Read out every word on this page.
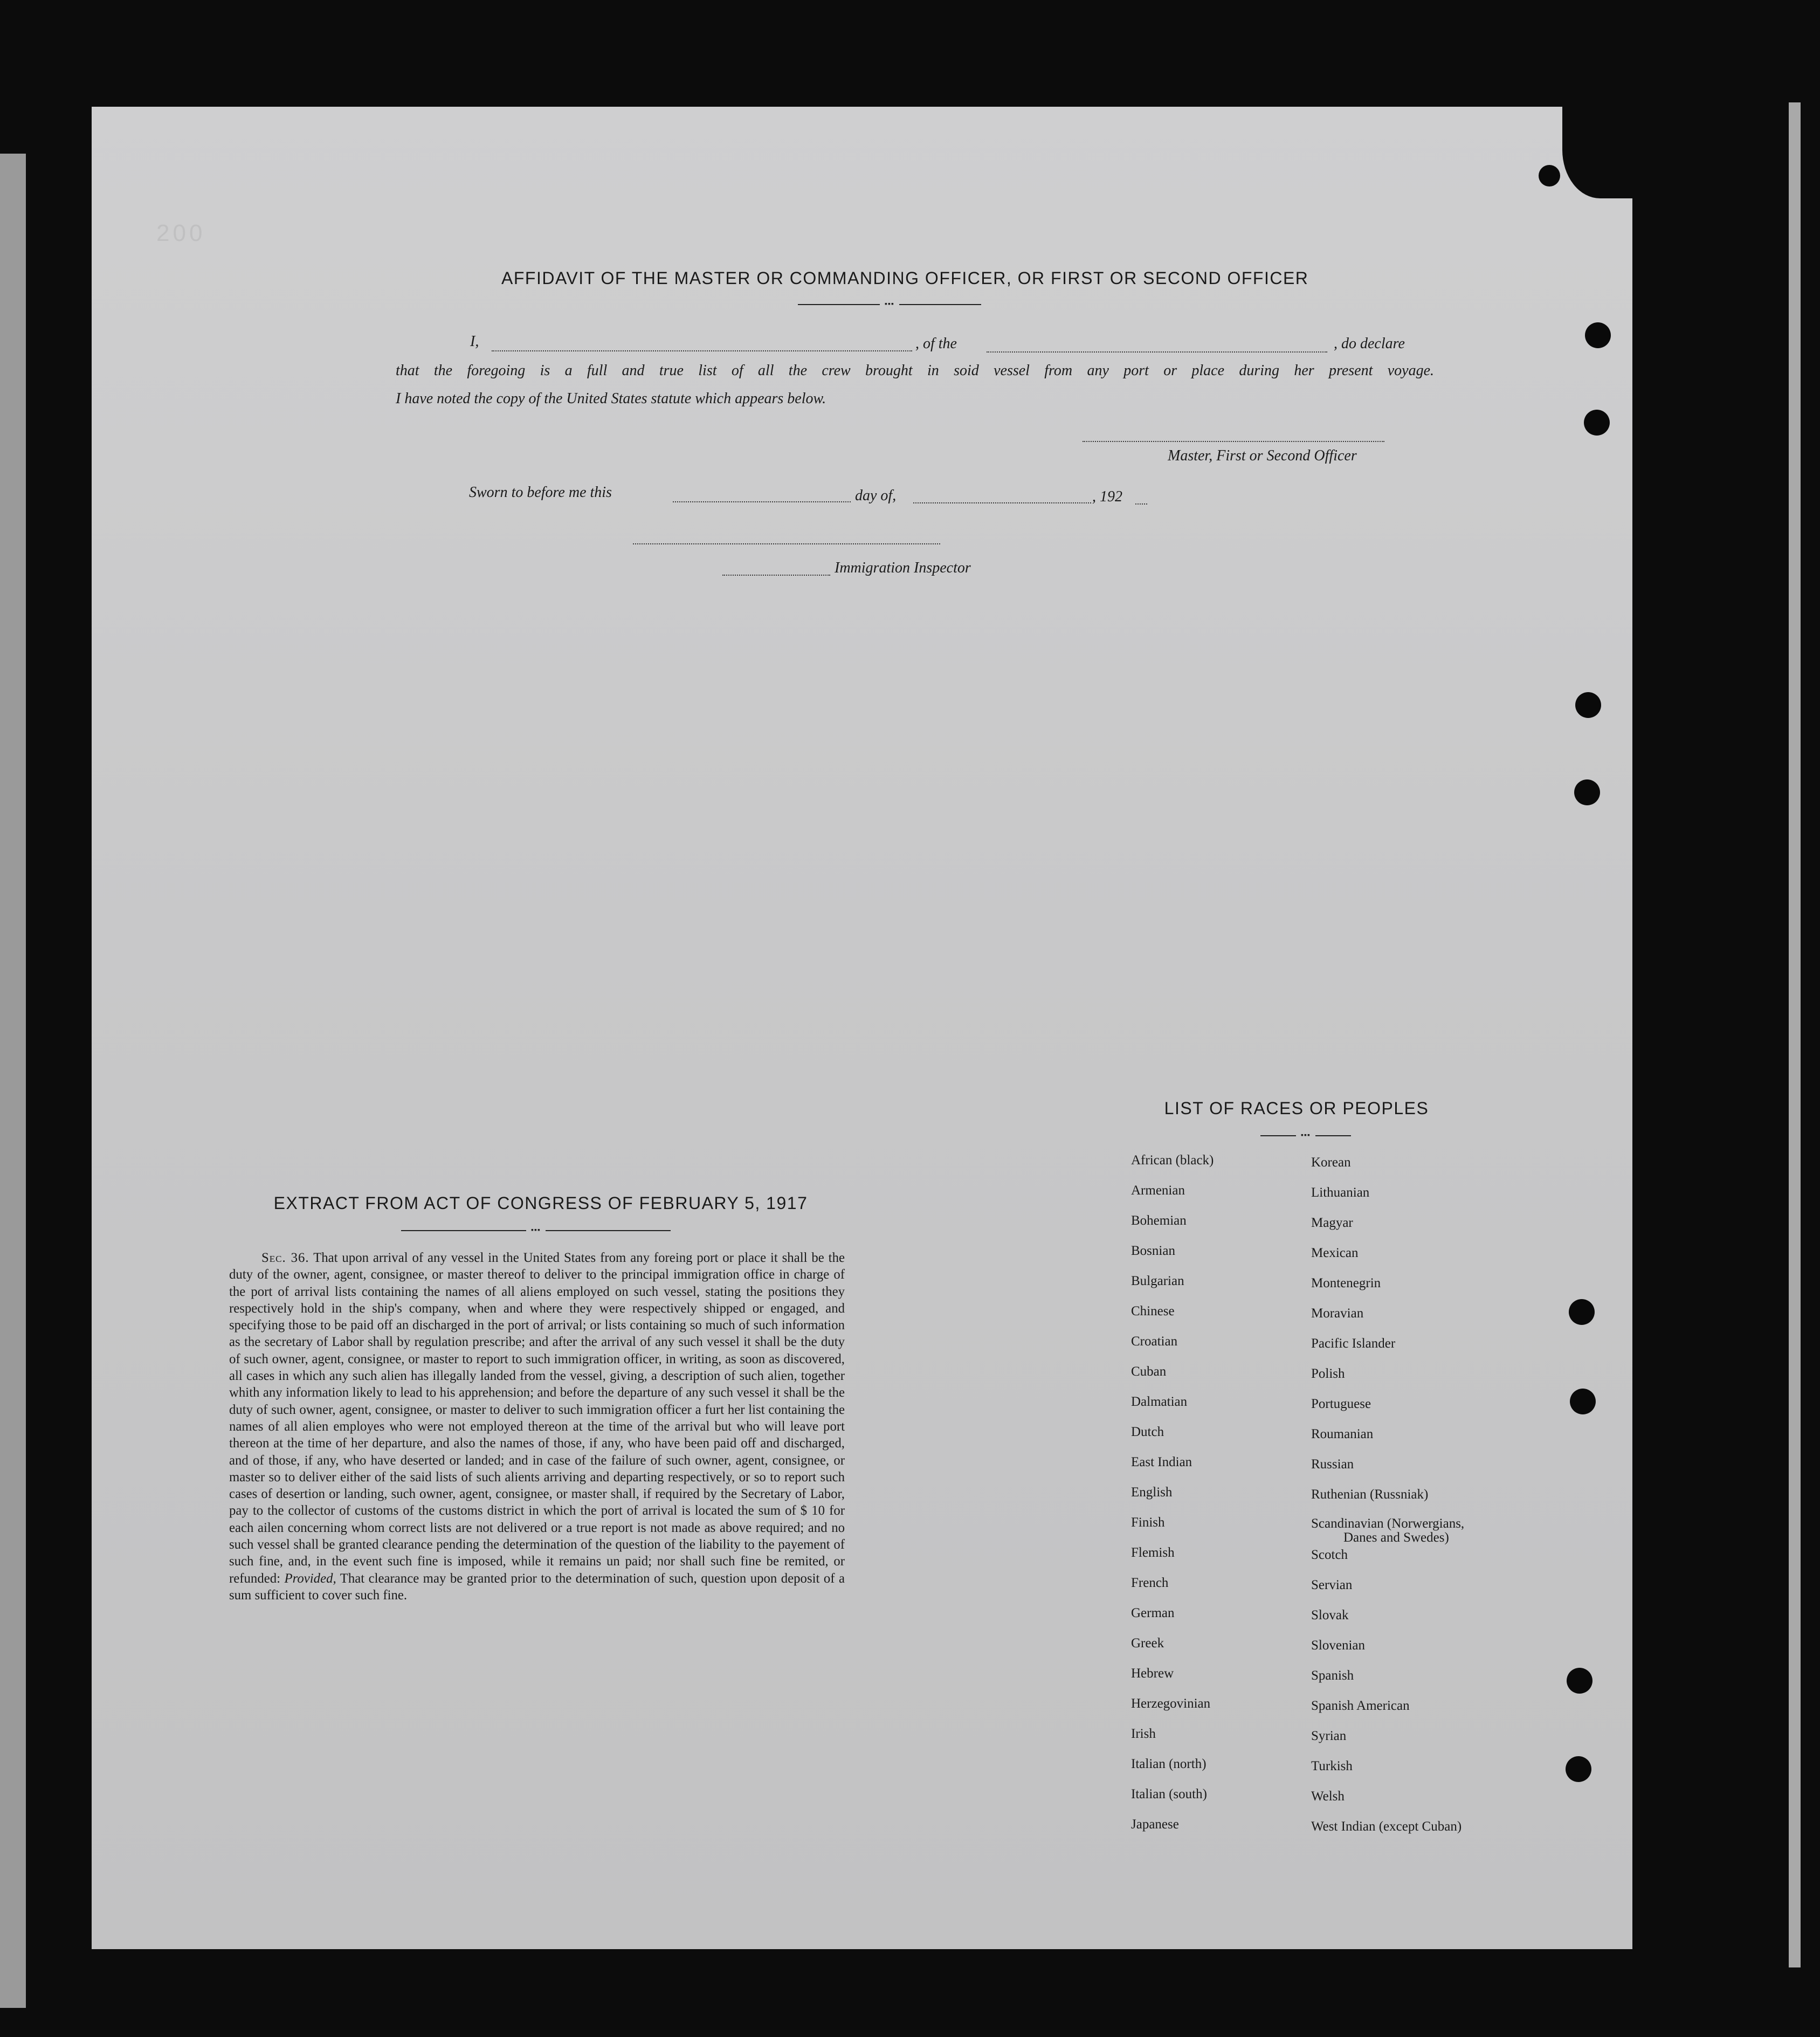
200
AFFIDAVIT OF THE MASTER OR COMMANDING OFFICER, OR FIRST OR SECOND OFFICER
▪▪▪
I,	, of the	, do declare
that the foregoing is a full and true list of all the crew brought in soid vessel from any port or place during her present voyage.
I have noted the copy of the United States statute which appears below.
Master, First or Second Officer
Sworn to before me this	day of,	, 192
Immigration Inspector
EXTRACT FROM ACT OF CONGRESS OF FEBRUARY 5, 1917
▪▪▪
Sec. 36. That upon arrival of any vessel in the United States from any foreing port or place it shall be the duty of the owner, agent, consignee, or master thereof to deliver to the principal immigration office in charge of the port of arrival lists containing the names of all aliens employed on such vessel, stating the positions they respectively hold in the ship's company, when and where they were respectively shipped or engaged, and specifying those to be paid off an discharged in the port of arrival; or lists containing so much of such information as the secretary of Labor shall by regulation prescribe; and after the arrival of any such vessel it shall be the duty of such owner, agent, consignee, or master to report to such immigration officer, in writing, as soon as discovered, all cases in which any such alien has illegally landed from the vessel, giving, a description of such alien, together whith any information likely to lead to his apprehension; and before the departure of any such vessel it shall be the duty of such owner, agent, consignee, or master to deliver to such immigration officer a furt her list containing the names of all alien employes who were not employed thereon at the time of the arrival but who will leave port thereon at the time of her departure, and also the names of those, if any, who have been paid off and discharged, and of those, if any, who have deserted or landed; and in case of the failure of such owner, agent, consignee, or master so to deliver either of the said lists of such alients arriving and departing respectively, or so to report such cases of desertion or landing, such owner, agent, consignee, or master shall, if required by the Secretary of Labor, pay to the collector of customs of the customs district in which the port of arrival is located the sum of $ 10 for each ailen concerning whom correct lists are not delivered or a true report is not made as above required; and no such vessel shall be granted clearance pending the determination of the question of the liability to the payement of such fine, and, in the event such fine is imposed, while it remains un paid; nor shall such fine be remited, or refunded: Provided, That clearance may be granted prior to the determination of such, question upon deposit of a sum sufficient to cover such fine.
LIST OF RACES OR PEOPLES
▪▪▪
African (black)
Armenian
Bohemian
Bosnian
Bulgarian
Chinese
Croatian
Cuban
Dalmatian
Dutch
East Indian
English
Finish
Flemish
French
German
Greek
Hebrew
Herzegovinian
Irish
Italian (north)
Italian (south)
Japanese
Korean
Lithuanian
Magyar
Mexican
Montenegrin
Moravian
Pacific Islander
Polish
Portuguese
Roumanian
Russian
Ruthenian (Russniak)
Scandinavian (Norwergians,
Danes and Swedes)
Scotch
Servian
Slovak
Slovenian
Spanish
Spanish American
Syrian
Turkish
Welsh
West Indian (except Cuban)
